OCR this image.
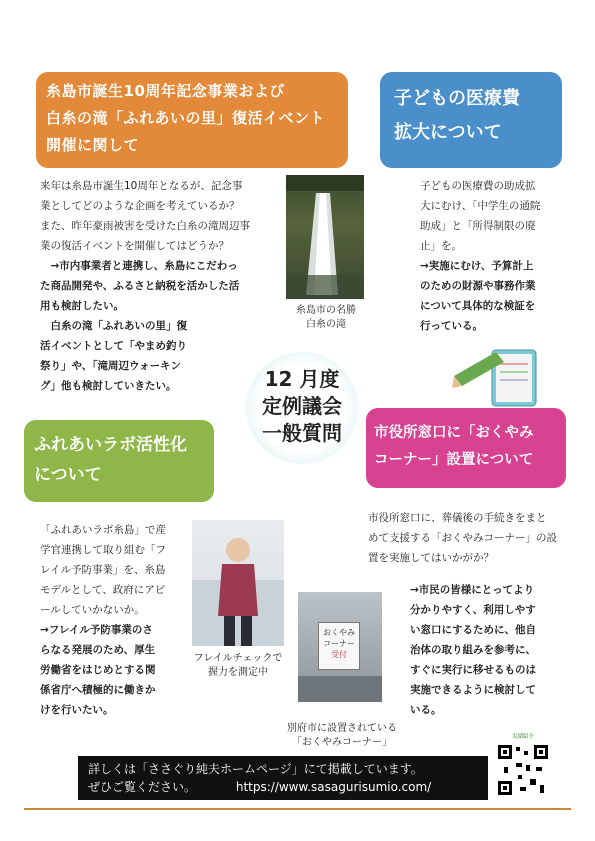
糸島市誕生10周年記念事業および
白糸の滝「ふれあいの里」復活イベント
開催に関して
子どもの医療費
拡大について
来年は糸島市誕生10周年となるが、記念事
業としてどのような企画を考えているか？
また、昨年豪雨被害を受けた白糸の滝周辺事
業の復活イベントを開催してはどうか？
　→市内事業者と連携し、糸島にこだわっ
た商品開発や、ふるさと納税を活かした活
用も検討したい。
　白糸の滝「ふれあいの里」復
活イベントとして「やまめ釣り
祭り」や、「滝周辺ウォーキン
グ」他も検討していきたい。
糸島市の名勝
白糸の滝
子どもの医療費の助成拡
大にむけ、「中学生の通院
助成」と「所得制限の廃
止」を。
→実施にむけ、予算計上
のための財源や事務作業
について具体的な検証を
行っている。
12 月度
定例議会
一般質問
ふれあいラボ活性化
について
市役所窓口に「おくやみ
コーナー」設置について
「ふれあいラボ糸島」で産
学官連携して取り組む「フ
レイル予防事業」を、糸島
モデルとして、政府にアピ
ールしていかないか。
→フレイル予防事業のさ
らなる発展のため、厚生
労働省をはじめとする関
係省庁へ積極的に働きか
けを行いたい。
フレイルチェックで
握力を測定中
市役所窓口に、葬儀後の手続きをまと
めて支援する「おくやみコーナー」の設
置を実施してはいかがか？
おくやみ
コーナー
受付
別府市に設置されている
「おくやみコーナー」
→市民の皆様にとってより
分かりやすく、利用しやす
い窓口にするために、他自
治体の取り組みを参考に、
すぐに実行に移せるものは
実施できるように検討して
いる。
実績紹介
詳しくは「ささぐり純夫ホームページ」にて掲載しています。
ぜひご覧ください。	https://www.sasagurisumio.com/
